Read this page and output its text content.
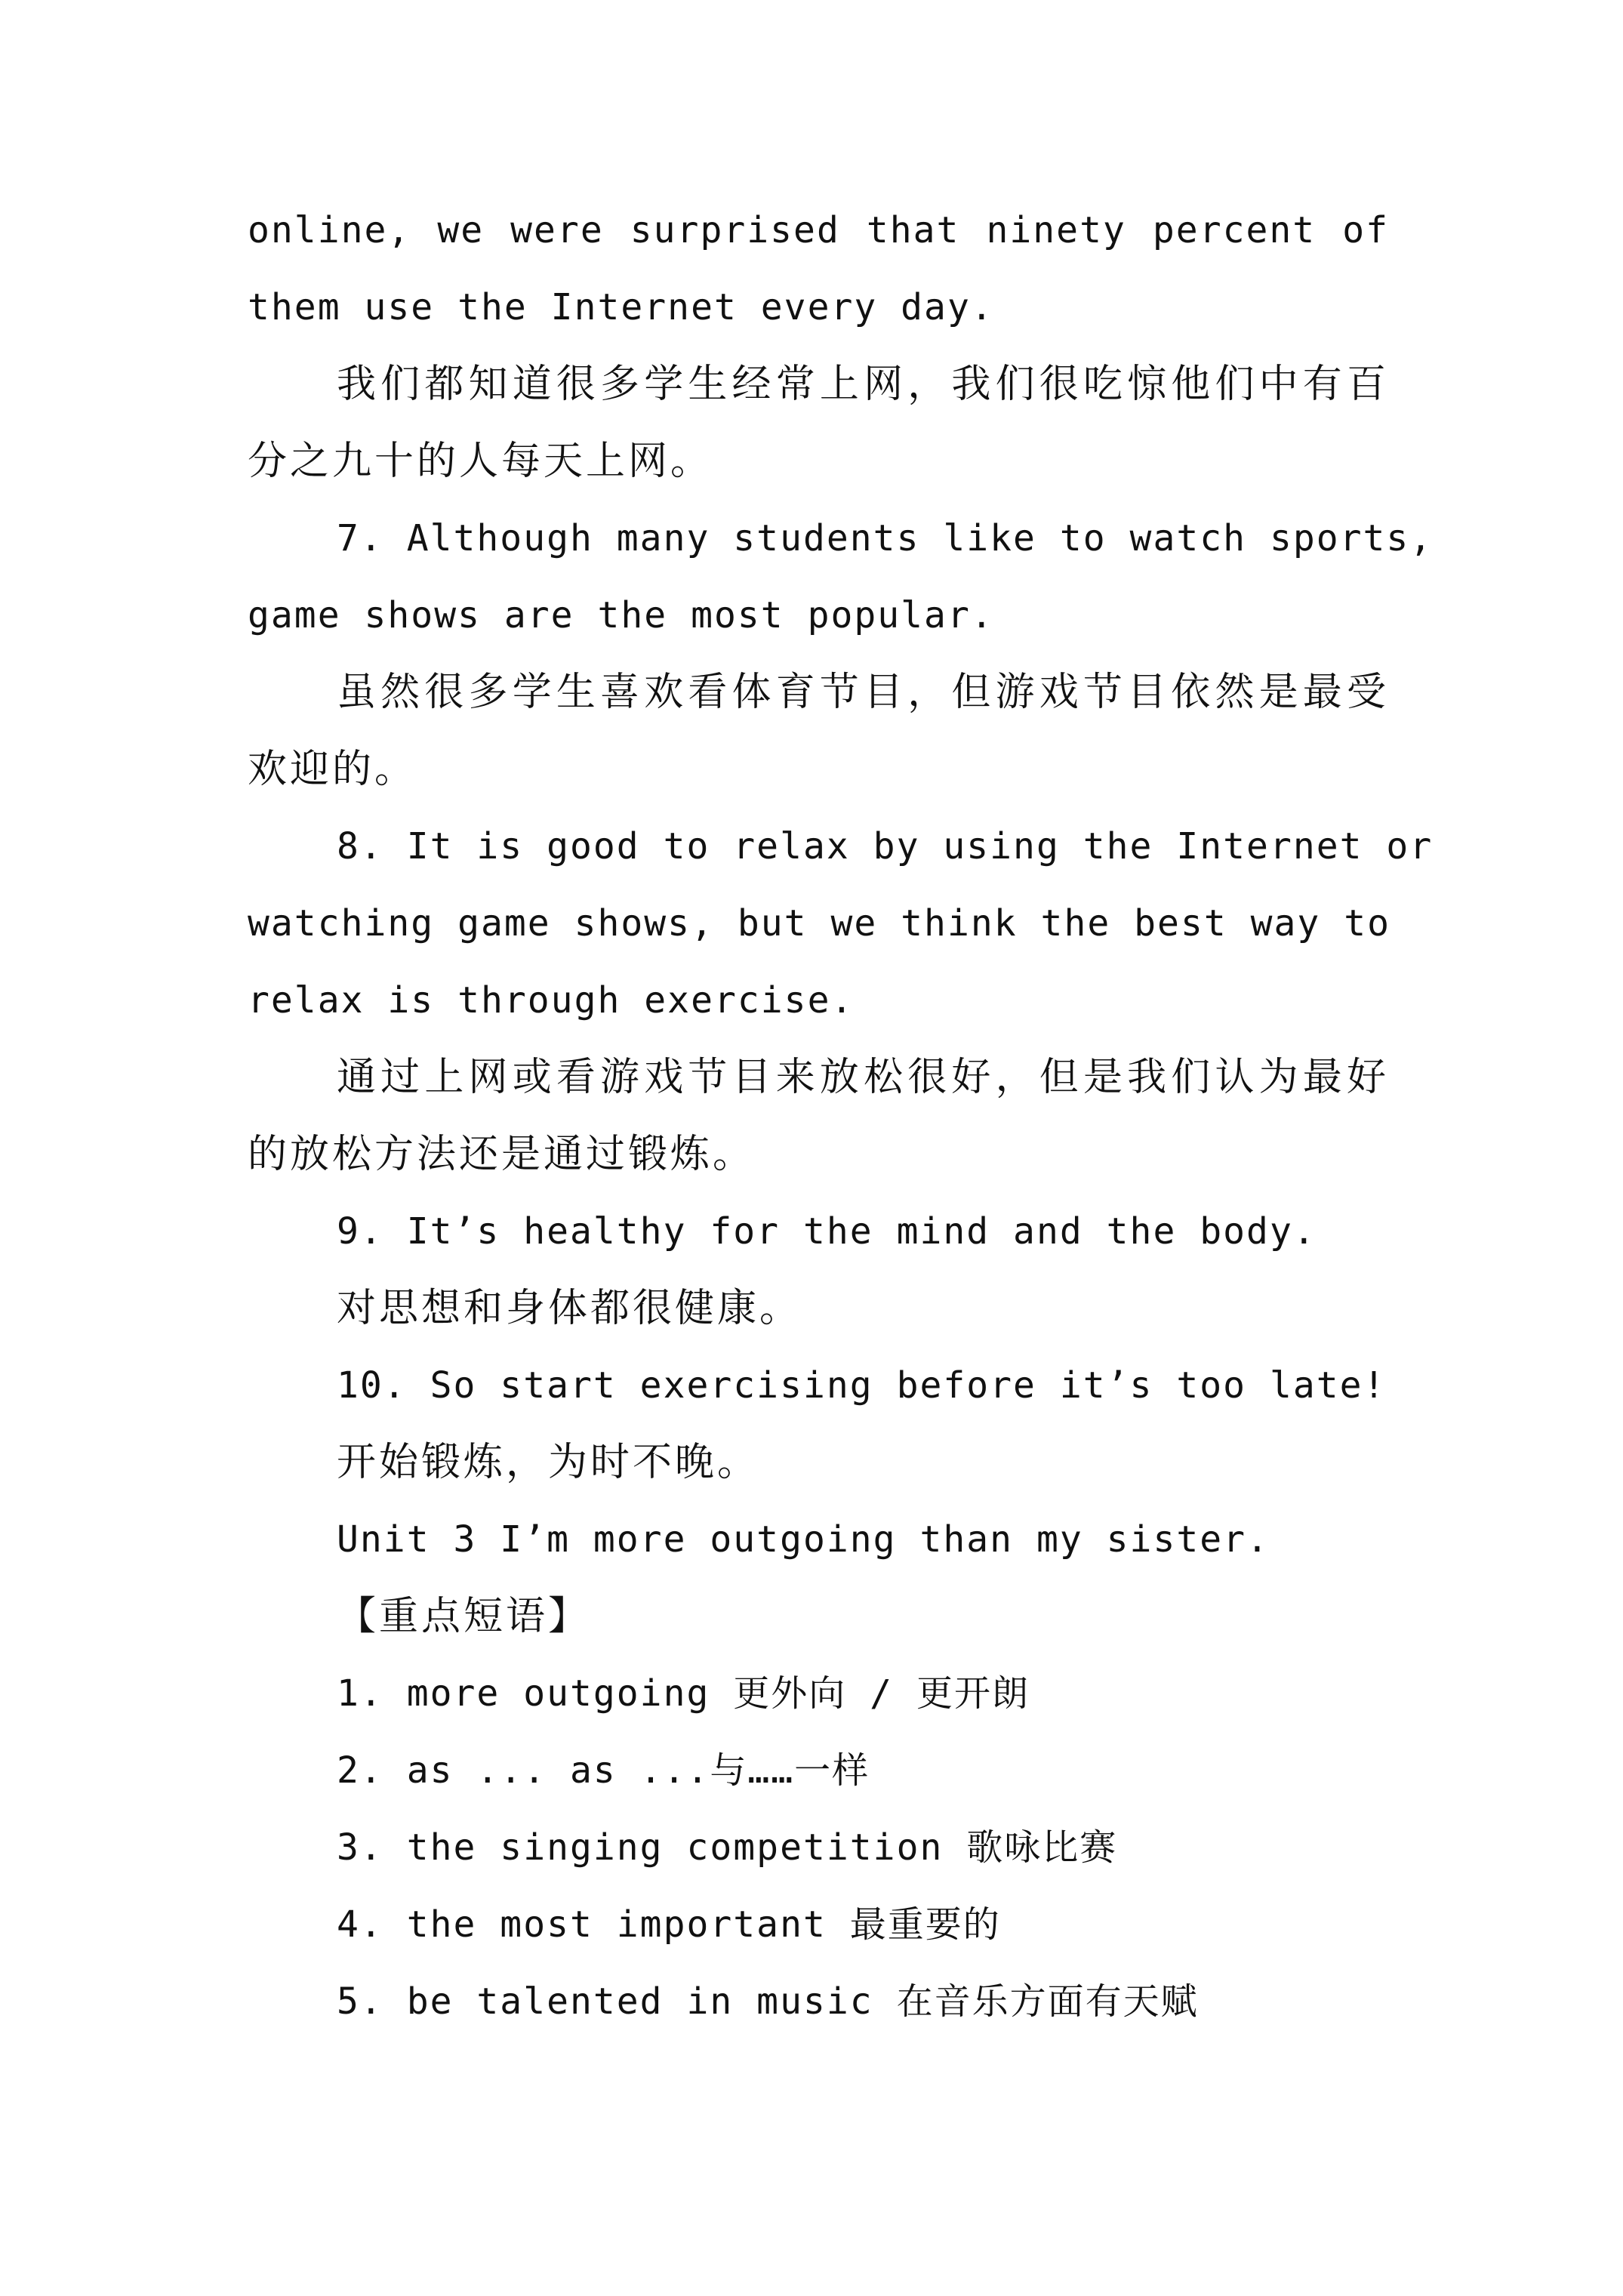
online, we were surprised that ninety percent of
them use the Internet every day.
我们都知道很多学生经常上网，我们很吃惊他们中有百
分之九十的人每天上网。
7. Although many students like to watch sports,
game shows are the most popular.
虽然很多学生喜欢看体育节目，但游戏节目依然是最受
欢迎的。
8. It is good to relax by using the Internet or
watching game shows, but we think the best way to
relax is through exercise.
通过上网或看游戏节目来放松很好，但是我们认为最好
的放松方法还是通过锻炼。
9. It’s healthy for the mind and the body.
对思想和身体都很健康。
10. So start exercising before it’s too late!
开始锻炼，为时不晚。
Unit 3 I’m more outgoing than my sister.
【重点短语】
1. more outgoing 更外向 / 更开朗
2. as ... as ...与……一样
3. the singing competition 歌咏比赛
4. the most important 最重要的
5. be talented in music 在音乐方面有天赋
